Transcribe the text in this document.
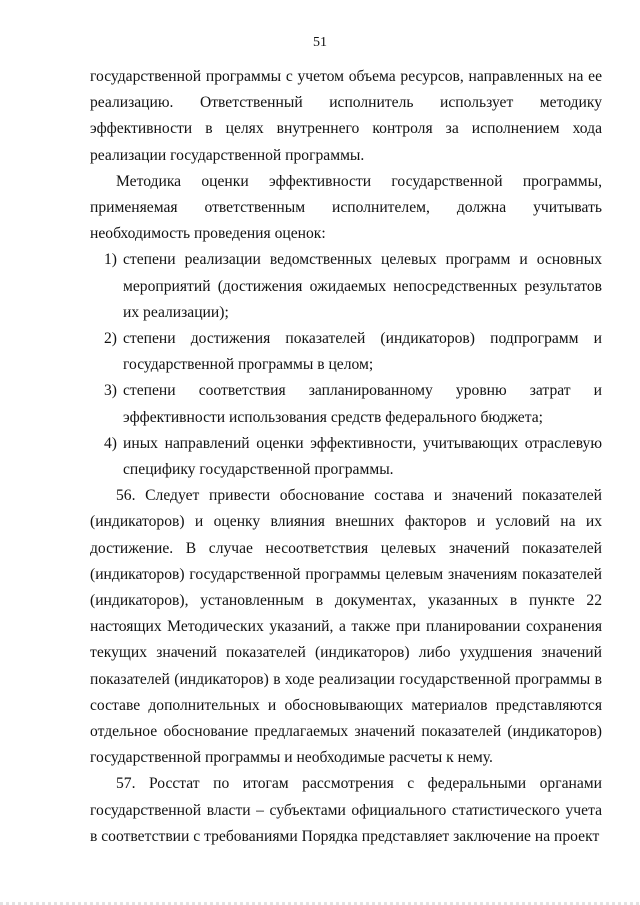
51

государственной программы с учетом объема ресурсов, направленных на ее реализацию. Ответственный исполнитель использует методику эффективности в целях внутреннего контроля за исполнением хода реализации государственной программы.

Методика оценки эффективности государственной программы, применяемая ответственным исполнителем, должна учитывать необходимость проведения оценок:

1) степени реализации ведомственных целевых программ и основных мероприятий (достижения ожидаемых непосредственных результатов их реализации);
2) степени достижения показателей (индикаторов) подпрограмм и государственной программы в целом;
3) степени соответствия запланированному уровню затрат и эффективности использования средств федерального бюджета;
4) иных направлений оценки эффективности, учитывающих отраслевую специфику государственной программы.

56. Следует привести обоснование состава и значений показателей (индикаторов) и оценку влияния внешних факторов и условий на их достижение. В случае несоответствия целевых значений показателей (индикаторов) государственной программы целевым значениям показателей (индикаторов), установленным в документах, указанных в пункте 22 настоящих Методических указаний, а также при планировании сохранения текущих значений показателей (индикаторов) либо ухудшения значений показателей (индикаторов) в ходе реализации государственной программы в составе дополнительных и обосновывающих материалов представляются отдельное обоснование предлагаемых значений показателей (индикаторов) государственной программы и необходимые расчеты к нему.

57. Росстат по итогам рассмотрения с федеральными органами государственной власти – субъектами официального статистического учета в соответствии с требованиями Порядка представляет заключение на проект
